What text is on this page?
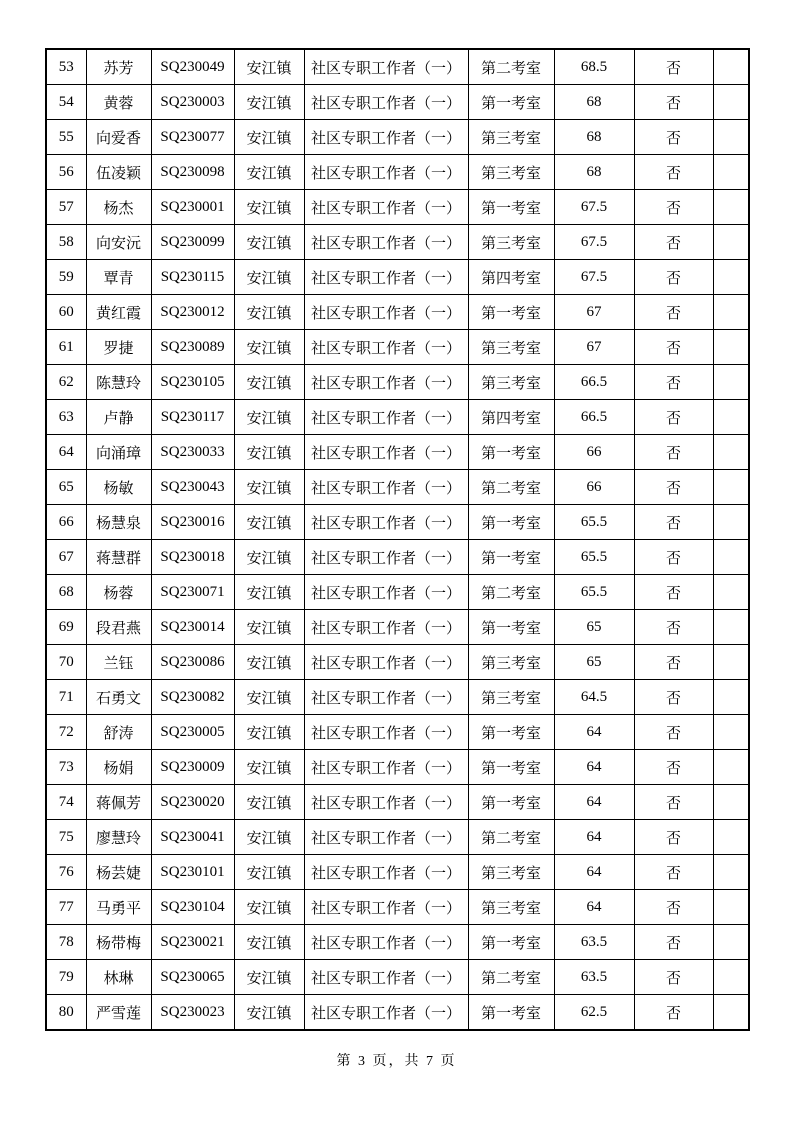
53	苏芳	SQ230049	安江镇	社区专职工作者（一）	第二考室	68.5	否	
54	黄蓉	SQ230003	安江镇	社区专职工作者（一）	第一考室	68	否	
55	向爱香	SQ230077	安江镇	社区专职工作者（一）	第三考室	68	否	
56	伍凌颖	SQ230098	安江镇	社区专职工作者（一）	第三考室	68	否	
57	杨杰	SQ230001	安江镇	社区专职工作者（一）	第一考室	67.5	否	
58	向安沅	SQ230099	安江镇	社区专职工作者（一）	第三考室	67.5	否	
59	覃青	SQ230115	安江镇	社区专职工作者（一）	第四考室	67.5	否	
60	黄红霞	SQ230012	安江镇	社区专职工作者（一）	第一考室	67	否	
61	罗捷	SQ230089	安江镇	社区专职工作者（一）	第三考室	67	否	
62	陈慧玲	SQ230105	安江镇	社区专职工作者（一）	第三考室	66.5	否	
63	卢静	SQ230117	安江镇	社区专职工作者（一）	第四考室	66.5	否	
64	向涌璋	SQ230033	安江镇	社区专职工作者（一）	第一考室	66	否	
65	杨敏	SQ230043	安江镇	社区专职工作者（一）	第二考室	66	否	
66	杨慧泉	SQ230016	安江镇	社区专职工作者（一）	第一考室	65.5	否	
67	蒋慧群	SQ230018	安江镇	社区专职工作者（一）	第一考室	65.5	否	
68	杨蓉	SQ230071	安江镇	社区专职工作者（一）	第二考室	65.5	否	
69	段君燕	SQ230014	安江镇	社区专职工作者（一）	第一考室	65	否	
70	兰钰	SQ230086	安江镇	社区专职工作者（一）	第三考室	65	否	
71	石勇文	SQ230082	安江镇	社区专职工作者（一）	第三考室	64.5	否	
72	舒涛	SQ230005	安江镇	社区专职工作者（一）	第一考室	64	否	
73	杨娟	SQ230009	安江镇	社区专职工作者（一）	第一考室	64	否	
74	蒋佩芳	SQ230020	安江镇	社区专职工作者（一）	第一考室	64	否	
75	廖慧玲	SQ230041	安江镇	社区专职工作者（一）	第二考室	64	否	
76	杨芸婕	SQ230101	安江镇	社区专职工作者（一）	第三考室	64	否	
77	马勇平	SQ230104	安江镇	社区专职工作者（一）	第三考室	64	否	
78	杨带梅	SQ230021	安江镇	社区专职工作者（一）	第一考室	63.5	否	
79	林琳	SQ230065	安江镇	社区专职工作者（一）	第二考室	63.5	否	
80	严雪莲	SQ230023	安江镇	社区专职工作者（一）	第一考室	62.5	否	
第 3 页，共 7 页
